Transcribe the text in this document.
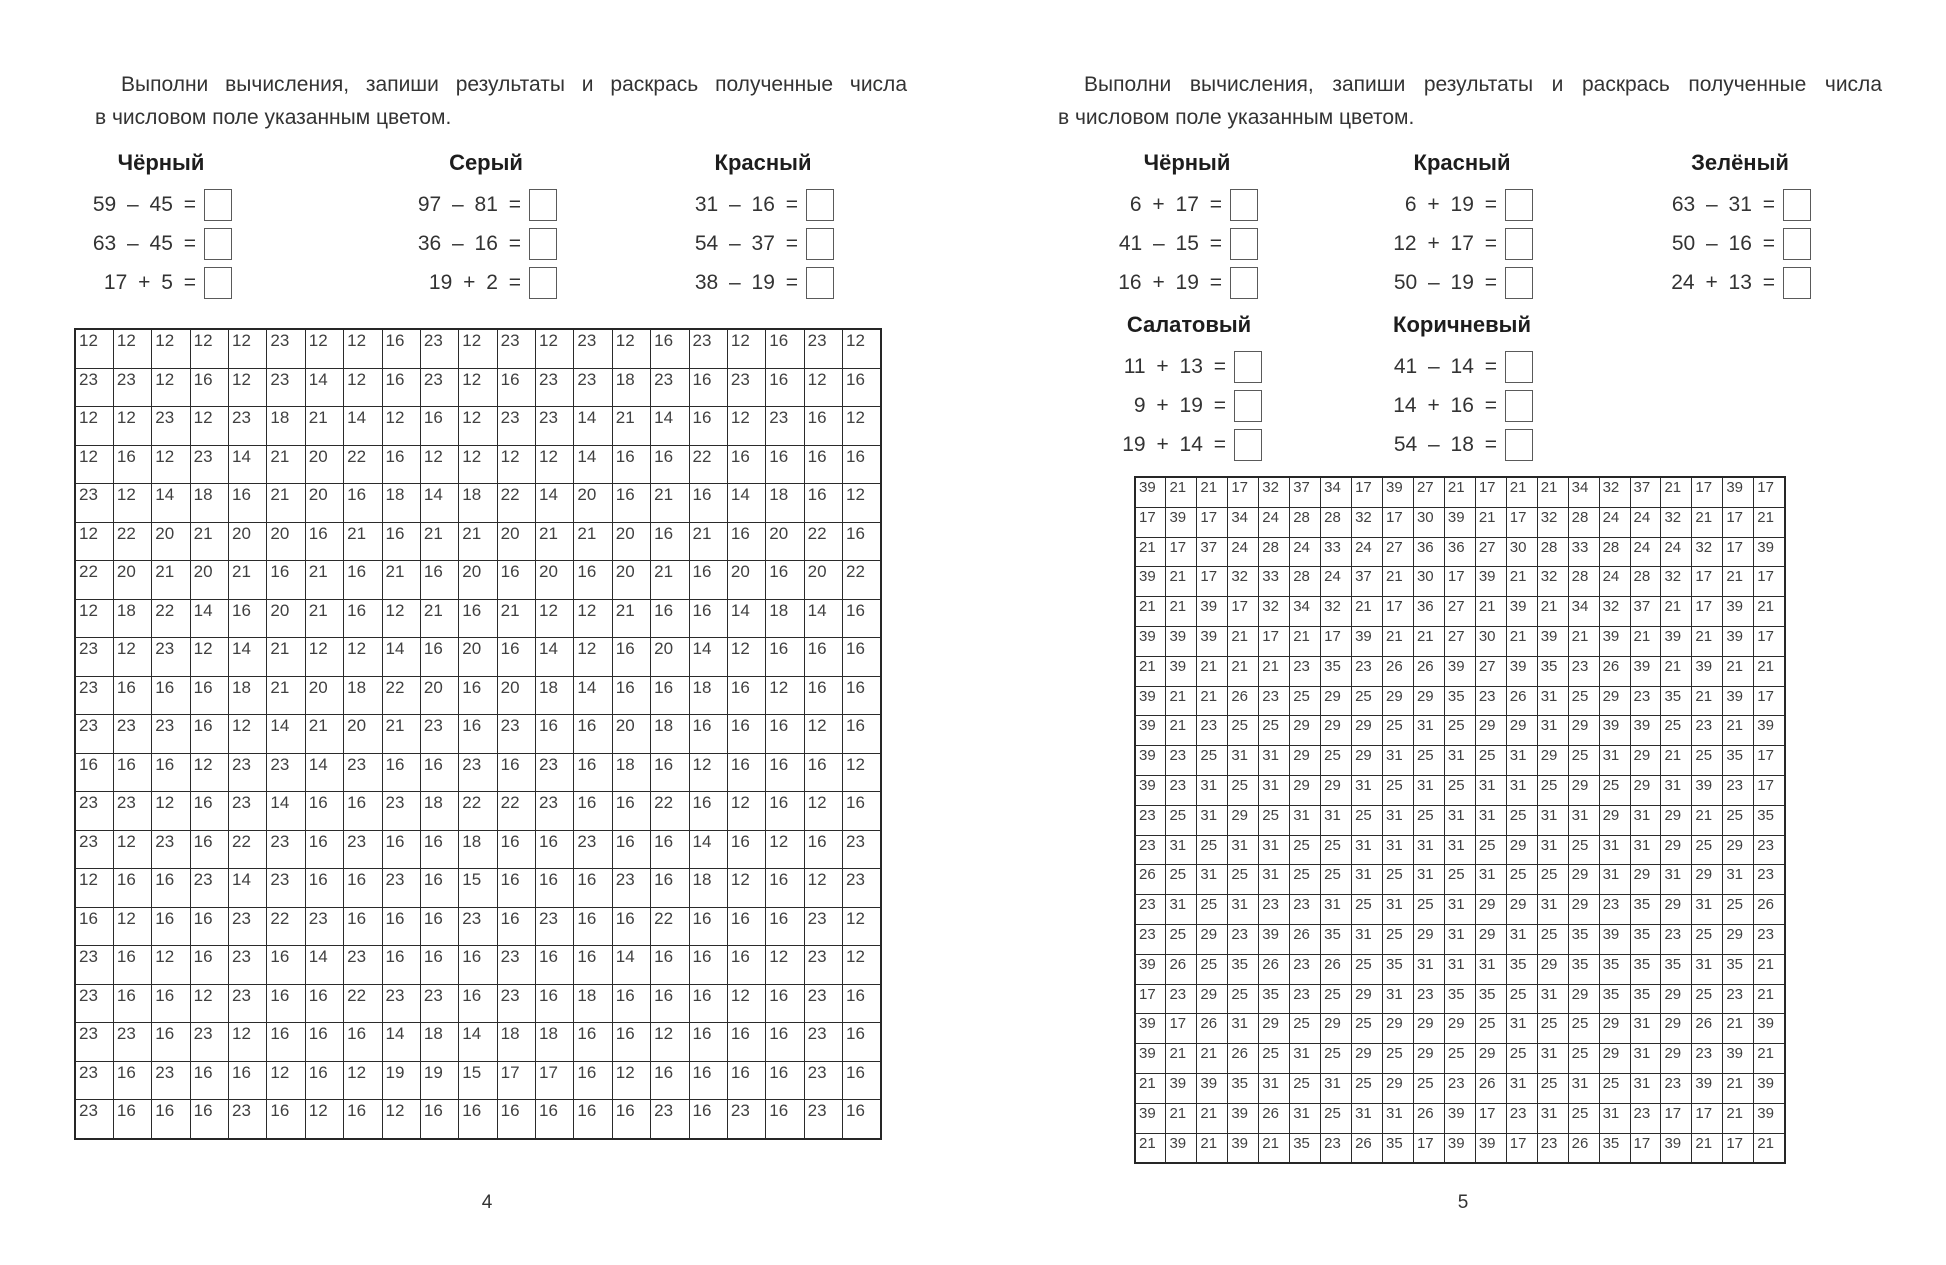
Выполни вычисления, запиши результаты и раскрась полученные числа
в числовом поле указанным цветом.
Выполни вычисления, запиши результаты и раскрась полученные числа
в числовом поле указанным цветом.
Чёрный
59 – 45 =
63 – 45 =
17 + 5 =
Серый
97 – 81 =
36 – 16 =
19 + 2 =
Красный
31 – 16 =
54 – 37 =
38 – 19 =
Чёрный
6 + 17 =
41 – 15 =
16 + 19 =
Красный
6 + 19 =
12 + 17 =
50 – 19 =
Зелёный
63 – 31 =
50 – 16 =
24 + 13 =
Салатовый
11 + 13 =
9 + 19 =
19 + 14 =
Коричневый
41 – 14 =
14 + 16 =
54 – 18 =
12	12	12	12	12	23	12	12	16	23	12	23	12	23	12	16	23	12	16	23	12
23	23	12	16	12	23	14	12	16	23	12	16	23	23	18	23	16	23	16	12	16
12	12	23	12	23	18	21	14	12	16	12	23	23	14	21	14	16	12	23	16	12
12	16	12	23	14	21	20	22	16	12	12	12	12	14	16	16	22	16	16	16	16
23	12	14	18	16	21	20	16	18	14	18	22	14	20	16	21	16	14	18	16	12
12	22	20	21	20	20	16	21	16	21	21	20	21	21	20	16	21	16	20	22	16
22	20	21	20	21	16	21	16	21	16	20	16	20	16	20	21	16	20	16	20	22
12	18	22	14	16	20	21	16	12	21	16	21	12	12	21	16	16	14	18	14	16
23	12	23	12	14	21	12	12	14	16	20	16	14	12	16	20	14	12	16	16	16
23	16	16	16	18	21	20	18	22	20	16	20	18	14	16	16	18	16	12	16	16
23	23	23	16	12	14	21	20	21	23	16	23	16	16	20	18	16	16	16	12	16
16	16	16	12	23	23	14	23	16	16	23	16	23	16	18	16	12	16	16	16	12
23	23	12	16	23	14	16	16	23	18	22	22	23	16	16	22	16	12	16	12	16
23	12	23	16	22	23	16	23	16	16	18	16	16	23	16	16	14	16	12	16	23
12	16	16	23	14	23	16	16	23	16	15	16	16	16	23	16	18	12	16	12	23
16	12	16	16	23	22	23	16	16	16	23	16	23	16	16	22	16	16	16	23	12
23	16	12	16	23	16	14	23	16	16	16	23	16	16	14	16	16	16	12	23	12
23	16	16	12	23	16	16	22	23	23	16	23	16	18	16	16	16	12	16	23	16
23	23	16	23	12	16	16	16	14	18	14	18	18	16	16	12	16	16	16	23	16
23	16	23	16	16	12	16	12	19	19	15	17	17	16	12	16	16	16	16	23	16
23	16	16	16	23	16	12	16	12	16	16	16	16	16	16	23	16	23	16	23	16
39	21	21	17	32	37	34	17	39	27	21	17	21	21	34	32	37	21	17	39	17
17	39	17	34	24	28	28	32	17	30	39	21	17	32	28	24	24	32	21	17	21
21	17	37	24	28	24	33	24	27	36	36	27	30	28	33	28	24	24	32	17	39
39	21	17	32	33	28	24	37	21	30	17	39	21	32	28	24	28	32	17	21	17
21	21	39	17	32	34	32	21	17	36	27	21	39	21	34	32	37	21	17	39	21
39	39	39	21	17	21	17	39	21	21	27	30	21	39	21	39	21	39	21	39	17
21	39	21	21	21	23	35	23	26	26	39	27	39	35	23	26	39	21	39	21	21
39	21	21	26	23	25	29	25	29	29	35	23	26	31	25	29	23	35	21	39	17
39	21	23	25	25	29	29	29	25	31	25	29	29	31	29	39	39	25	23	21	39
39	23	25	31	31	29	25	29	31	25	31	25	31	29	25	31	29	21	25	35	17
39	23	31	25	31	29	29	31	25	31	25	31	31	25	29	25	29	31	39	23	17
23	25	31	29	25	31	31	25	31	25	31	31	25	31	31	29	31	29	21	25	35
23	31	25	31	31	25	25	31	31	31	31	25	29	31	25	31	31	29	25	29	23
26	25	31	25	31	25	25	31	25	31	25	31	25	25	29	31	29	31	29	31	23
23	31	25	31	23	23	31	25	31	25	31	29	29	31	29	23	35	29	31	25	26
23	25	29	23	39	26	35	31	25	29	31	29	31	25	35	39	35	23	25	29	23
39	26	25	35	26	23	26	25	35	31	31	31	35	29	35	35	35	35	31	35	21
17	23	29	25	35	23	25	29	31	23	35	35	25	31	29	35	35	29	25	23	21
39	17	26	31	29	25	29	25	29	29	29	25	31	25	25	29	31	29	26	21	39
39	21	21	26	25	31	25	29	25	29	25	29	25	31	25	29	31	29	23	39	21
21	39	39	35	31	25	31	25	29	25	23	26	31	25	31	25	31	23	39	21	39
39	21	21	39	26	31	25	31	31	26	39	17	23	31	25	31	23	17	17	21	39
21	39	21	39	21	35	23	26	35	17	39	39	17	23	26	35	17	39	21	17	21
4	5
